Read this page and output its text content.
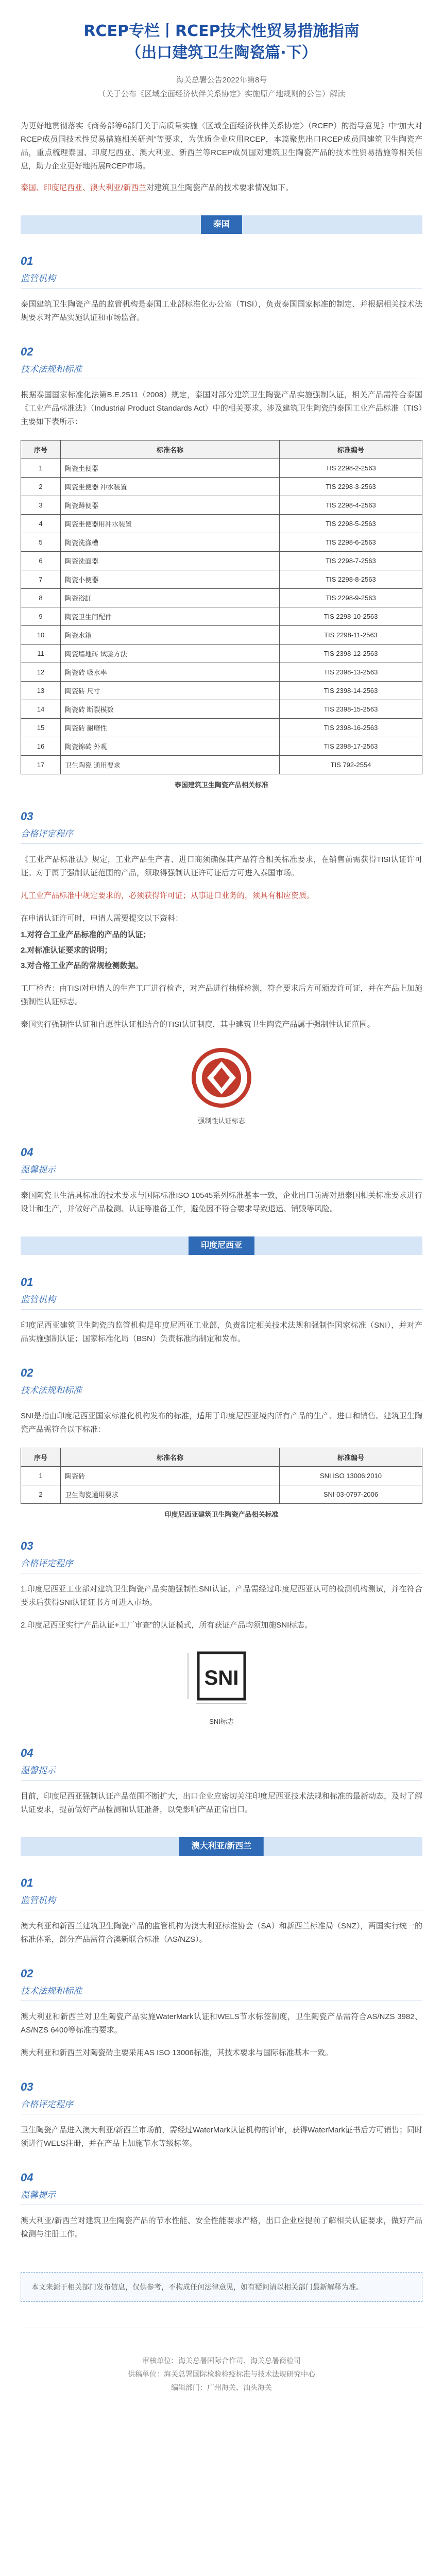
RCEP专栏丨RCEP技术性贸易措施指南
（出口建筑卫生陶瓷篇·下）
海关总署公告2022年第8号
（关于公布《区域全面经济伙伴关系协定》实施原产地规则的公告）解读

为更好地贯彻落实《商务部等6部门关于高质量实施〈区域全面经济伙伴关系协定〉（RCEP）的指导意见》中“加大对RCEP成员国技术性贸易措施相关研判”等要求，为优质企业应用RCEP，本篇聚焦出口RCEP成员国建筑卫生陶瓷产品，重点梳理泰国、印度尼西亚、澳大利亚、新西兰等RCEP成员国对建筑卫生陶瓷产品的技术性贸易措施等相关信息，助力企业更好地拓展RCEP市场。

泰国、印度尼西亚、澳大利亚/新西兰对建筑卫生陶瓷产品的技术要求情况如下。

泰国
01
监管机构

泰国建筑卫生陶瓷产品的监管机构是泰国工业部标准化办公室（TISI），负责泰国国家标准的制定、并根据相关技术法规要求对产品实施认证和市场监督。

02
技术法规和标准

根据泰国国家标准化法第B.E.2511（2008）规定，泰国对部分建筑卫生陶瓷产品实施强制认证，相关产品需符合泰国《工业产品标准法》（Industrial Product Standards Act）中的相关要求。涉及建筑卫生陶瓷的泰国工业产品标准（TIS）主要如下表所示：

序号	标准名称	标准编号
1	陶瓷坐便器	TIS 2298-2-2563
2	陶瓷坐便器 冲水装置	TIS 2298-3-2563
3	陶瓷蹲便器	TIS 2298-4-2563
4	陶瓷坐便器用冲水装置	TIS 2298-5-2563
5	陶瓷洗涤槽	TIS 2298-6-2563
6	陶瓷洗面器	TIS 2298-7-2563
7	陶瓷小便器	TIS 2298-8-2563
8	陶瓷浴缸	TIS 2298-9-2563
9	陶瓷卫生间配件	TIS 2298-10-2563
10	陶瓷水箱	TIS 2298-11-2563
11	陶瓷墙地砖 试验方法	TIS 2398-12-2563
12	陶瓷砖 吸水率	TIS 2398-13-2563
13	陶瓷砖 尺寸	TIS 2398-14-2563
14	陶瓷砖 断裂模数	TIS 2398-15-2563
15	陶瓷砖 耐磨性	TIS 2398-16-2563
16	陶瓷锦砖 外观	TIS 2398-17-2563
17	卫生陶瓷 通用要求	TIS 792-2554
泰国建筑卫生陶瓷产品相关标准
03
合格评定程序

《工业产品标准法》规定，工业产品生产者、进口商须确保其产品符合相关标准要求，在销售前需获得TISI认证许可证。对于属于强制认证范围的产品，须取得强制认证许可证后方可进入泰国市场。

凡工业产品标准中规定要求的，必须获得许可证；从事进口业务的，须具有相应资质。

在申请认证许可时，申请人需要提交以下资料：

1.对符合工业产品标准的产品的认证；

2.对标准认证要求的说明；

3.对合格工业产品的常规检测数据。

工厂检查：由TISI对申请人的生产工厂进行检查，对产品进行抽样检测，符合要求后方可颁发许可证，并在产品上加施强制性认证标志。

泰国实行强制性认证和自愿性认证相结合的TISI认证制度，其中建筑卫生陶瓷产品属于强制性认证范围。

强制性认证标志
04
温馨提示

泰国陶瓷卫生洁具标准的技术要求与国际标准ISO 10545系列标准基本一致，企业出口前需对照泰国相关标准要求进行设计和生产，并做好产品检测、认证等准备工作，避免因不符合要求导致退运、销毁等风险。

印度尼西亚
01
监管机构

印度尼西亚建筑卫生陶瓷的监管机构是印度尼西亚工业部，负责制定相关技术法规和强制性国家标准（SNI），并对产品实施强制认证；国家标准化局（BSN）负责标准的制定和发布。

02
技术法规和标准

SNI是指由印度尼西亚国家标准化机构发布的标准，适用于印度尼西亚境内所有产品的生产、进口和销售。建筑卫生陶瓷产品需符合以下标准：

序号	标准名称	标准编号
1	陶瓷砖	SNI ISO 13006:2010
2	卫生陶瓷通用要求	SNI 03-0797-2006
印度尼西亚建筑卫生陶瓷产品相关标准
03
合格评定程序

1.印度尼西亚工业部对建筑卫生陶瓷产品实施强制性SNI认证。产品需经过印度尼西亚认可的检测机构测试，并在符合要求后获得SNI认证证书方可进入市场。

2.印度尼西亚实行“产品认证+工厂审查”的认证模式，所有获证产品均须加施SNI标志。

SNI
SNI标志
04
温馨提示

目前，印度尼西亚强制认证产品范围不断扩大，出口企业应密切关注印度尼西亚技术法规和标准的最新动态，及时了解认证要求，提前做好产品检测和认证准备，以免影响产品正常出口。

澳大利亚/新西兰
01
监管机构

澳大利亚和新西兰建筑卫生陶瓷产品的监管机构为澳大利亚标准协会（SA）和新西兰标准局（SNZ），两国实行统一的标准体系，部分产品需符合澳新联合标准（AS/NZS）。

02
技术法规和标准

澳大利亚和新西兰对卫生陶瓷产品实施WaterMark认证和WELS节水标签制度，卫生陶瓷产品需符合AS/NZS 3982、AS/NZS 6400等标准的要求。

澳大利亚和新西兰对陶瓷砖主要采用AS ISO 13006标准，其技术要求与国际标准基本一致。

03
合格评定程序

卫生陶瓷产品进入澳大利亚/新西兰市场前，需经过WaterMark认证机构的评审，获得WaterMark证书后方可销售；同时须进行WELS注册，并在产品上加施节水等级标签。

04
温馨提示

澳大利亚/新西兰对建筑卫生陶瓷产品的节水性能、安全性能要求严格，出口企业应提前了解相关认证要求，做好产品检测与注册工作。

本文来源于相关部门发布信息，仅供参考，不构成任何法律意见，如有疑问请以相关部门最新解释为准。
审核单位：海关总署国际合作司、海关总署商检司
供稿单位：海关总署国际检验检疫标准与技术法规研究中心
编辑部门：广州海关、汕头海关
